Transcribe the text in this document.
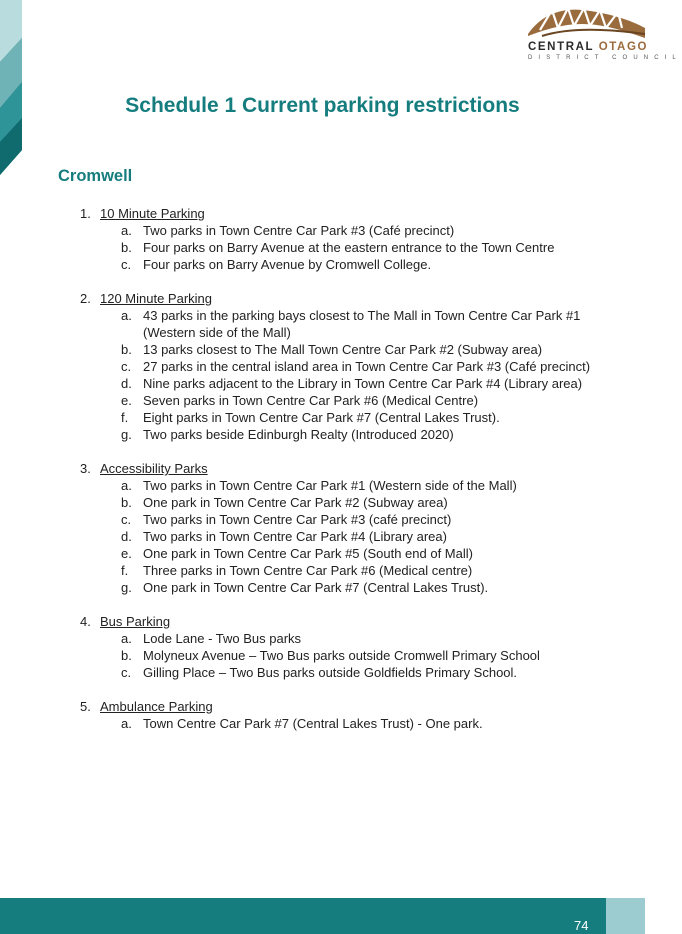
CENTRAL OTAGO
DISTRICT COUNCIL
Schedule 1 Current parking restrictions
Cromwell
1. 10 Minute Parking
a. Two parks in Town Centre Car Park #3 (Café precinct)
b. Four parks on Barry Avenue at the eastern entrance to the Town Centre
c. Four parks on Barry Avenue by Cromwell College.
2. 120 Minute Parking
a. 43 parks in the parking bays closest to The Mall in Town Centre Car Park #1 (Western side of the Mall)
b. 13 parks closest to The Mall Town Centre Car Park #2 (Subway area)
c. 27 parks in the central island area in Town Centre Car Park #3 (Café precinct)
d. Nine parks adjacent to the Library in Town Centre Car Park #4 (Library area)
e. Seven parks in Town Centre Car Park #6 (Medical Centre)
f. Eight parks in Town Centre Car Park #7 (Central Lakes Trust).
g. Two parks beside Edinburgh Realty (Introduced 2020)
3. Accessibility Parks
a. Two parks in Town Centre Car Park #1 (Western side of the Mall)
b. One park in Town Centre Car Park #2 (Subway area)
c. Two parks in Town Centre Car Park #3 (café precinct)
d. Two parks in Town Centre Car Park #4 (Library area)
e. One park in Town Centre Car Park #5 (South end of Mall)
f. Three parks in Town Centre Car Park #6 (Medical centre)
g. One park in Town Centre Car Park #7 (Central Lakes Trust).
4. Bus Parking
a. Lode Lane - Two Bus parks
b. Molyneux Avenue – Two Bus parks outside Cromwell Primary School
c. Gilling Place – Two Bus parks outside Goldfields Primary School.
5. Ambulance Parking
a. Town Centre Car Park #7 (Central Lakes Trust) - One park.
74
